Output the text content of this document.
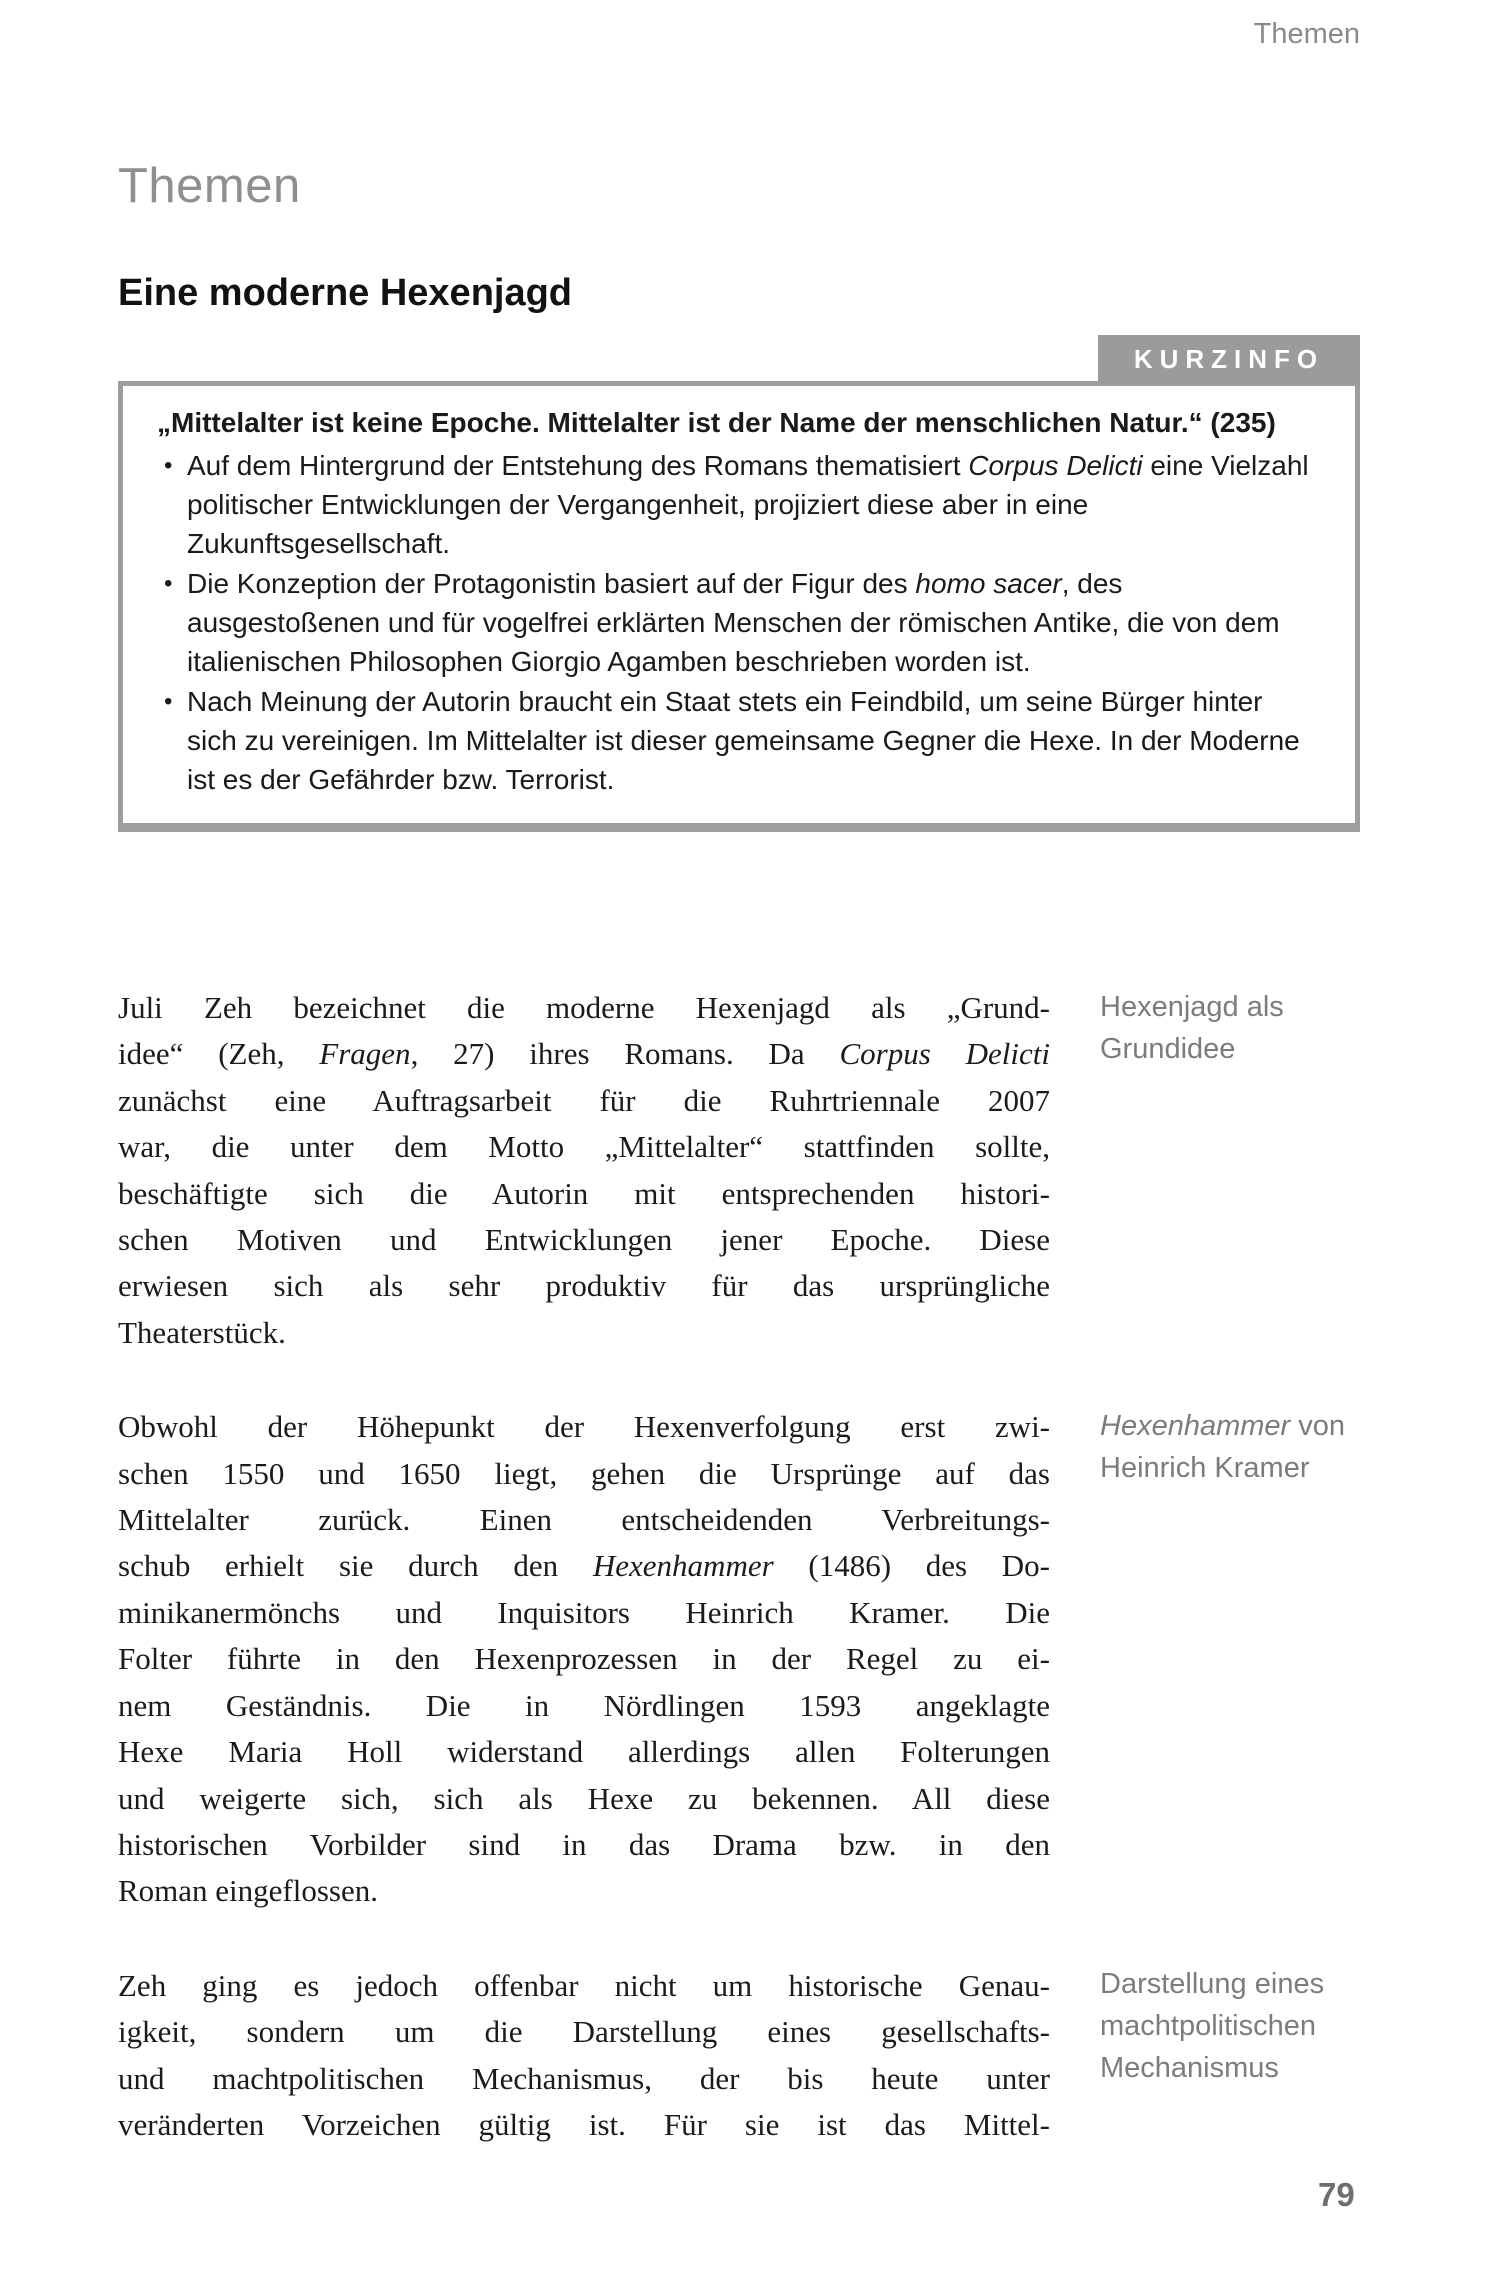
Themen
Themen
Eine moderne Hexenjagd
KURZINFO

„Mittelalter ist keine Epoche. Mittelalter ist der Name der menschlichen Natur.“ (235)

• Auf dem Hintergrund der Entstehung des Romans thematisiert Corpus Delicti eine Vielzahl politischer Entwicklungen der Vergangenheit, projiziert diese aber in eine Zukunftsgesellschaft.
• Die Konzeption der Protagonistin basiert auf der Figur des homo sacer, des ausgestoßenen und für vogelfrei erklärten Menschen der römischen Antike, die von dem italienischen Philosophen Giorgio Agamben beschrieben worden ist.
• Nach Meinung der Autorin braucht ein Staat stets ein Feindbild, um seine Bürger hinter sich zu vereinigen. Im Mittelalter ist dieser gemeinsame Gegner die Hexe. In der Moderne ist es der Gefährder bzw. Terrorist.
Juli Zeh bezeichnet die moderne Hexenjagd als „Grund-
idee“ (Zeh, Fragen, 27) ihres Romans. Da Corpus Delicti
zunächst eine Auftragsarbeit für die Ruhrtriennale 2007
war, die unter dem Motto „Mittelalter“ stattfinden sollte,
beschäftigte sich die Autorin mit entsprechenden histori-
schen Motiven und Entwicklungen jener Epoche. Diese
erwiesen sich als sehr produktiv für das ursprüngliche
Theaterstück.
Obwohl der Höhepunkt der Hexenverfolgung erst zwi-
schen 1550 und 1650 liegt, gehen die Ursprünge auf das
Mittelalter zurück. Einen entscheidenden Verbreitungs-
schub erhielt sie durch den Hexenhammer (1486) des Do-
minikanermönchs und Inquisitors Heinrich Kramer. Die
Folter führte in den Hexenprozessen in der Regel zu ei-
nem Geständnis. Die in Nördlingen 1593 angeklagte
Hexe Maria Holl widerstand allerdings allen Folterungen
und weigerte sich, sich als Hexe zu bekennen. All diese
historischen Vorbilder sind in das Drama bzw. in den
Roman eingeflossen.
Zeh ging es jedoch offenbar nicht um historische Genau-
igkeit, sondern um die Darstellung eines gesellschafts-
und machtpolitischen Mechanismus, der bis heute unter
veränderten Vorzeichen gültig ist. Für sie ist das Mittel-
Hexenjagd als Grundidee
Hexenhammer von Heinrich Kramer
Darstellung eines machtpolitischen Mechanismus
79
